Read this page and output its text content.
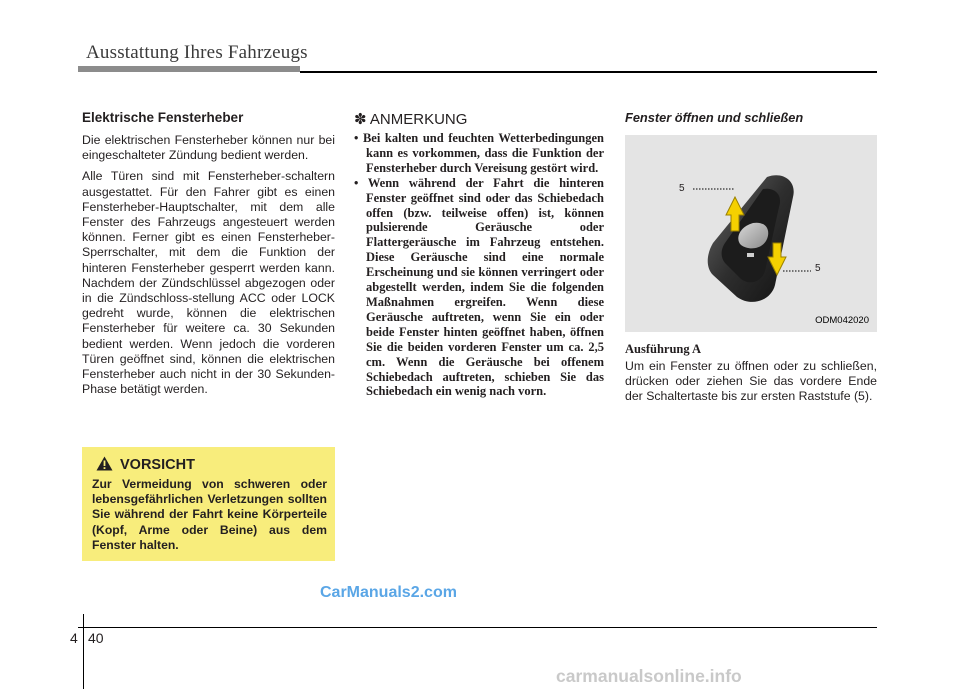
Ausstattung Ihres Fahrzeugs
Elektrische Fensterheber

Die elektrischen Fensterheber können nur bei eingeschalteter Zündung bedient werden.

Alle Türen sind mit Fensterheber-schaltern ausgestattet. Für den Fahrer gibt es einen Fensterheber-Hauptschalter, mit dem alle Fenster des Fahrzeugs angesteuert werden können. Ferner gibt es einen Fensterheber-Sperrschalter, mit dem die Funktion der hinteren Fensterheber gesperrt werden kann. Nachdem der Zündschlüssel abgezogen oder in die Zündschloss-stellung ACC oder LOCK gedreht wurde, können die elektrischen Fensterheber für weitere ca. 30 Sekunden bedient werden. Wenn jedoch die vorderen Türen geöffnet sind, können die elektrischen Fensterheber auch nicht in der 30 Sekunden-Phase betätigt werden.

VORSICHT
Zur Vermeidung von schweren oder lebensgefährlichen Verletzungen sollten Sie während der Fahrt keine Körperteile (Kopf, Arme oder Beine) aus dem Fenster halten.
✽ ANMERKUNG
• Bei kalten und feuchten Wetterbedingungen kann es vorkommen, dass die Funktion der Fensterheber durch Vereisung gestört wird.
• Wenn während der Fahrt die hinteren Fenster geöffnet sind oder das Schiebedach offen (bzw. teilweise offen) ist, können pulsierende Geräusche oder Flattergeräusche im Fahrzeug entstehen. Diese Geräusche sind eine normale Erscheinung und sie können verringert oder abgestellt werden, indem Sie die folgenden Maßnahmen ergreifen. Wenn diese Geräusche auftreten, wenn Sie ein oder beide Fenster hinten geöffnet haben, öffnen Sie die beiden vorderen Fenster um ca. 2,5 cm. Wenn die Geräusche bei offenem Schiebedach auftreten, schieben Sie das Schiebedach ein wenig nach vorn.
Fenster öffnen und schließen
5
5
ODM042020
Ausführung A

Um ein Fenster zu öffnen oder zu schließen, drücken oder ziehen Sie das vordere Ende der Schaltertaste bis zur ersten Raststufe (5).

CarManuals2.com
4 40
carmanualsonline.info
